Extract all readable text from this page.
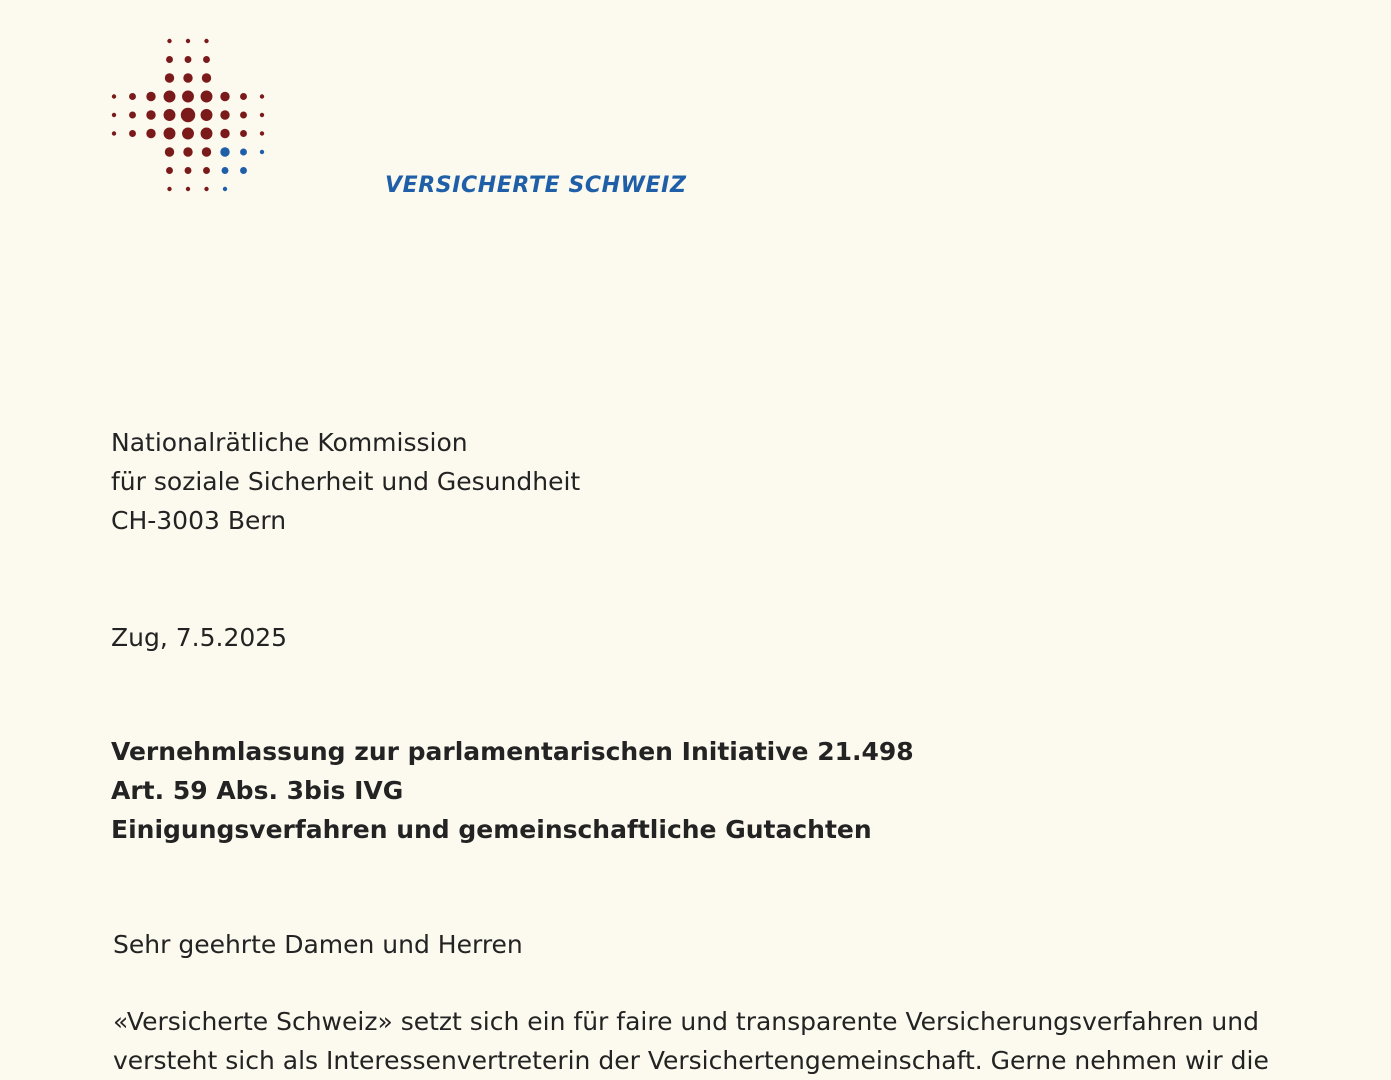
VERSICHERTE SCHWEIZ
Nationalrätliche Kommission
für soziale Sicherheit und Gesundheit
CH-3003 Bern
Zug, 7.5.2025
Vernehmlassung zur parlamentarischen Initiative 21.498
Art. 59 Abs. 3bis IVG
Einigungsverfahren und gemeinschaftliche Gutachten
Sehr geehrte Damen und Herren
«Versicherte Schweiz» setzt sich ein für faire und transparente Versicherungsverfahren und
versteht sich als Interessenvertreterin der Versichertengemeinschaft. Gerne nehmen wir die
